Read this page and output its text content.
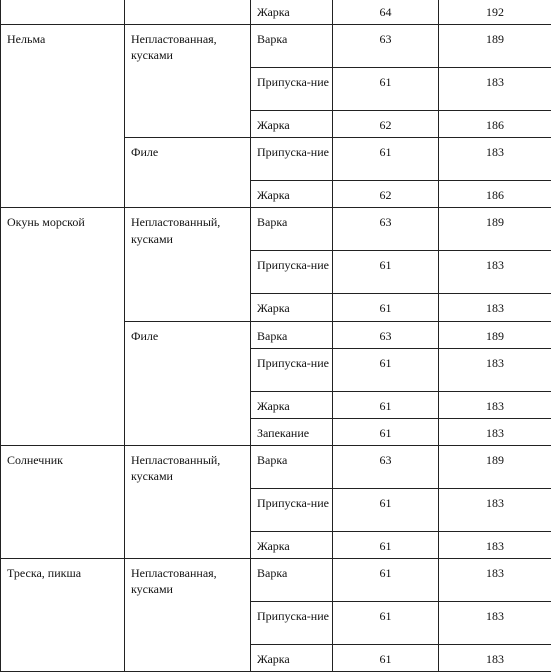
		Жарка	64	192
Нельма	Непластованная, кусками	Варка	63	189
		Припуска-ние	61	183
		Жарка	62	186
	Филе	Припуска-ние	61	183
		Жарка	62	186
Окунь морской	Непластованный, кусками	Варка	63	189
		Припуска-ние	61	183
		Жарка	61	183
	Филе	Варка	63	189
		Припуска-ние	61	183
		Жарка	61	183
		Запекание	61	183
Солнечник	Непластованный, кусками	Варка	63	189
		Припуска-ние	61	183
		Жарка	61	183
Треска, пикша	Непластованная, кусками	Варка	61	183
		Припуска-ние	61	183
		Жарка	61	183
